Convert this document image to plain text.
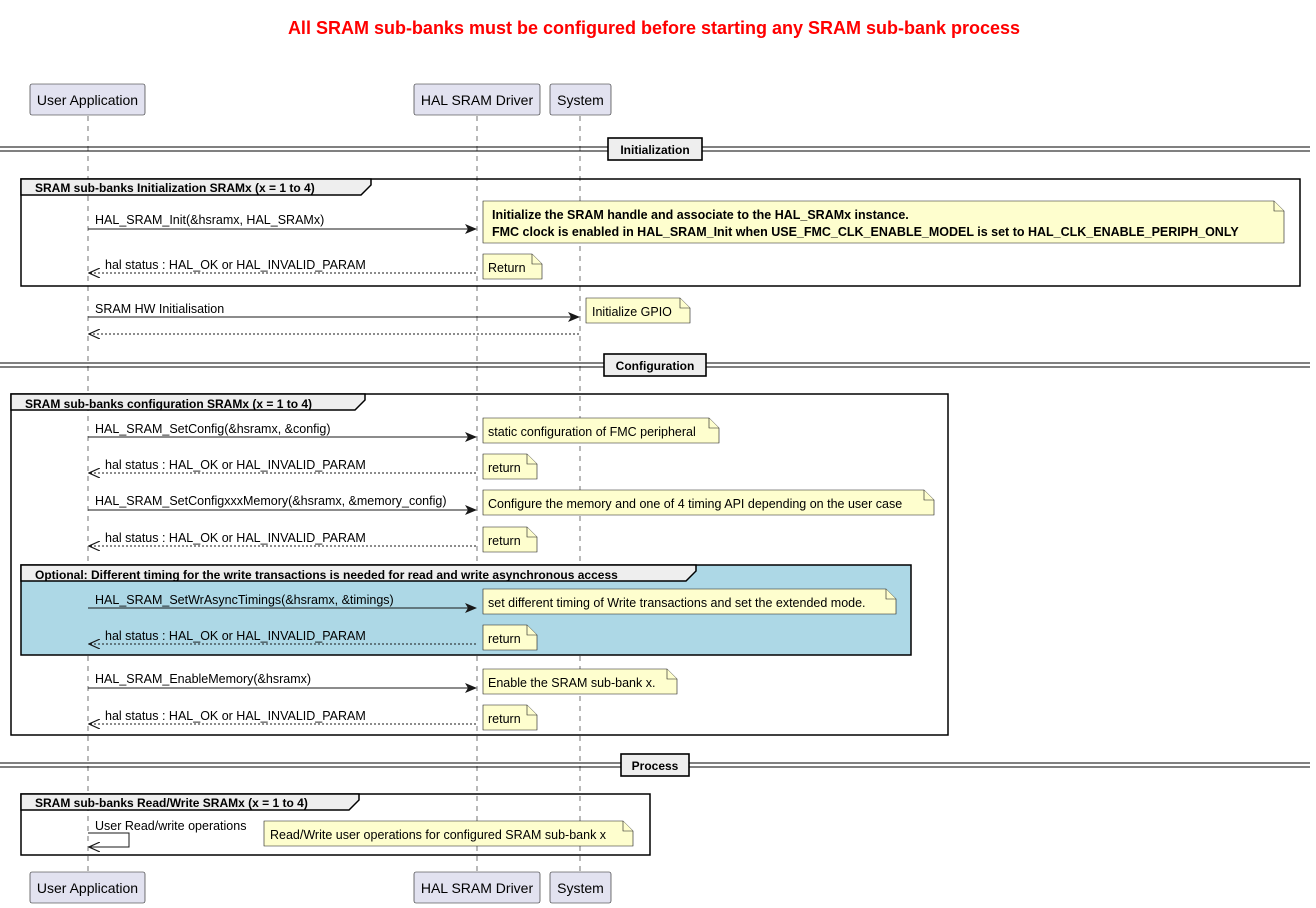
All SRAM sub-banks must be configured before starting any SRAM sub-bank process
User Application	HAL SRAM Driver System
Initialization
SRAM sub-banks Initialization SRAMx (x = 1 to 4)
HAL_SRAM_Init(&hsramx, HAL_SRAMx)	Initialize the SRAM handle and associate to the HAL_SRAMx instance.
FMC clock is enabled in HAL_SRAM_Init when USE_FMC_CLK_ENABLE_MODEL is set to HAL_CLK_ENABLE_PERIPH_ONLY
hal status : HAL_OK or HAL_INVALID_PARAM	Return
SRAM HW Initialisation	Initialize GPIO
Configuration
SRAM sub-banks configuration SRAMx (x = 1 to 4)
HAL_SRAM_SetConfig(&hsramx, &config)	static configuration of FMC peripheral
hal status : HAL_OK or HAL_INVALID_PARAM	return
HAL_SRAM_SetConfigxxxMemory(&hsramx, &memory_config)	Configure the memory and one of 4 timing API depending on the user case
hal status : HAL_OK or HAL_INVALID_PARAM	return
Optional: Different timing for the write transactions is needed for read and write asynchronous access
HAL_SRAM_SetWrAsyncTimings(&hsramx, &timings)	set different timing of Write transactions and set the extended mode.
hal status : HAL_OK or HAL_INVALID_PARAM	return
HAL_SRAM_EnableMemory(&hsramx)	Enable the SRAM sub-bank x.
hal status : HAL_OK or HAL_INVALID_PARAM	return
Process
SRAM sub-banks Read/Write SRAMx (x = 1 to 4)
User Read/write operations
Read/Write user operations for configured SRAM sub-bank x
User Application	HAL SRAM Driver System
